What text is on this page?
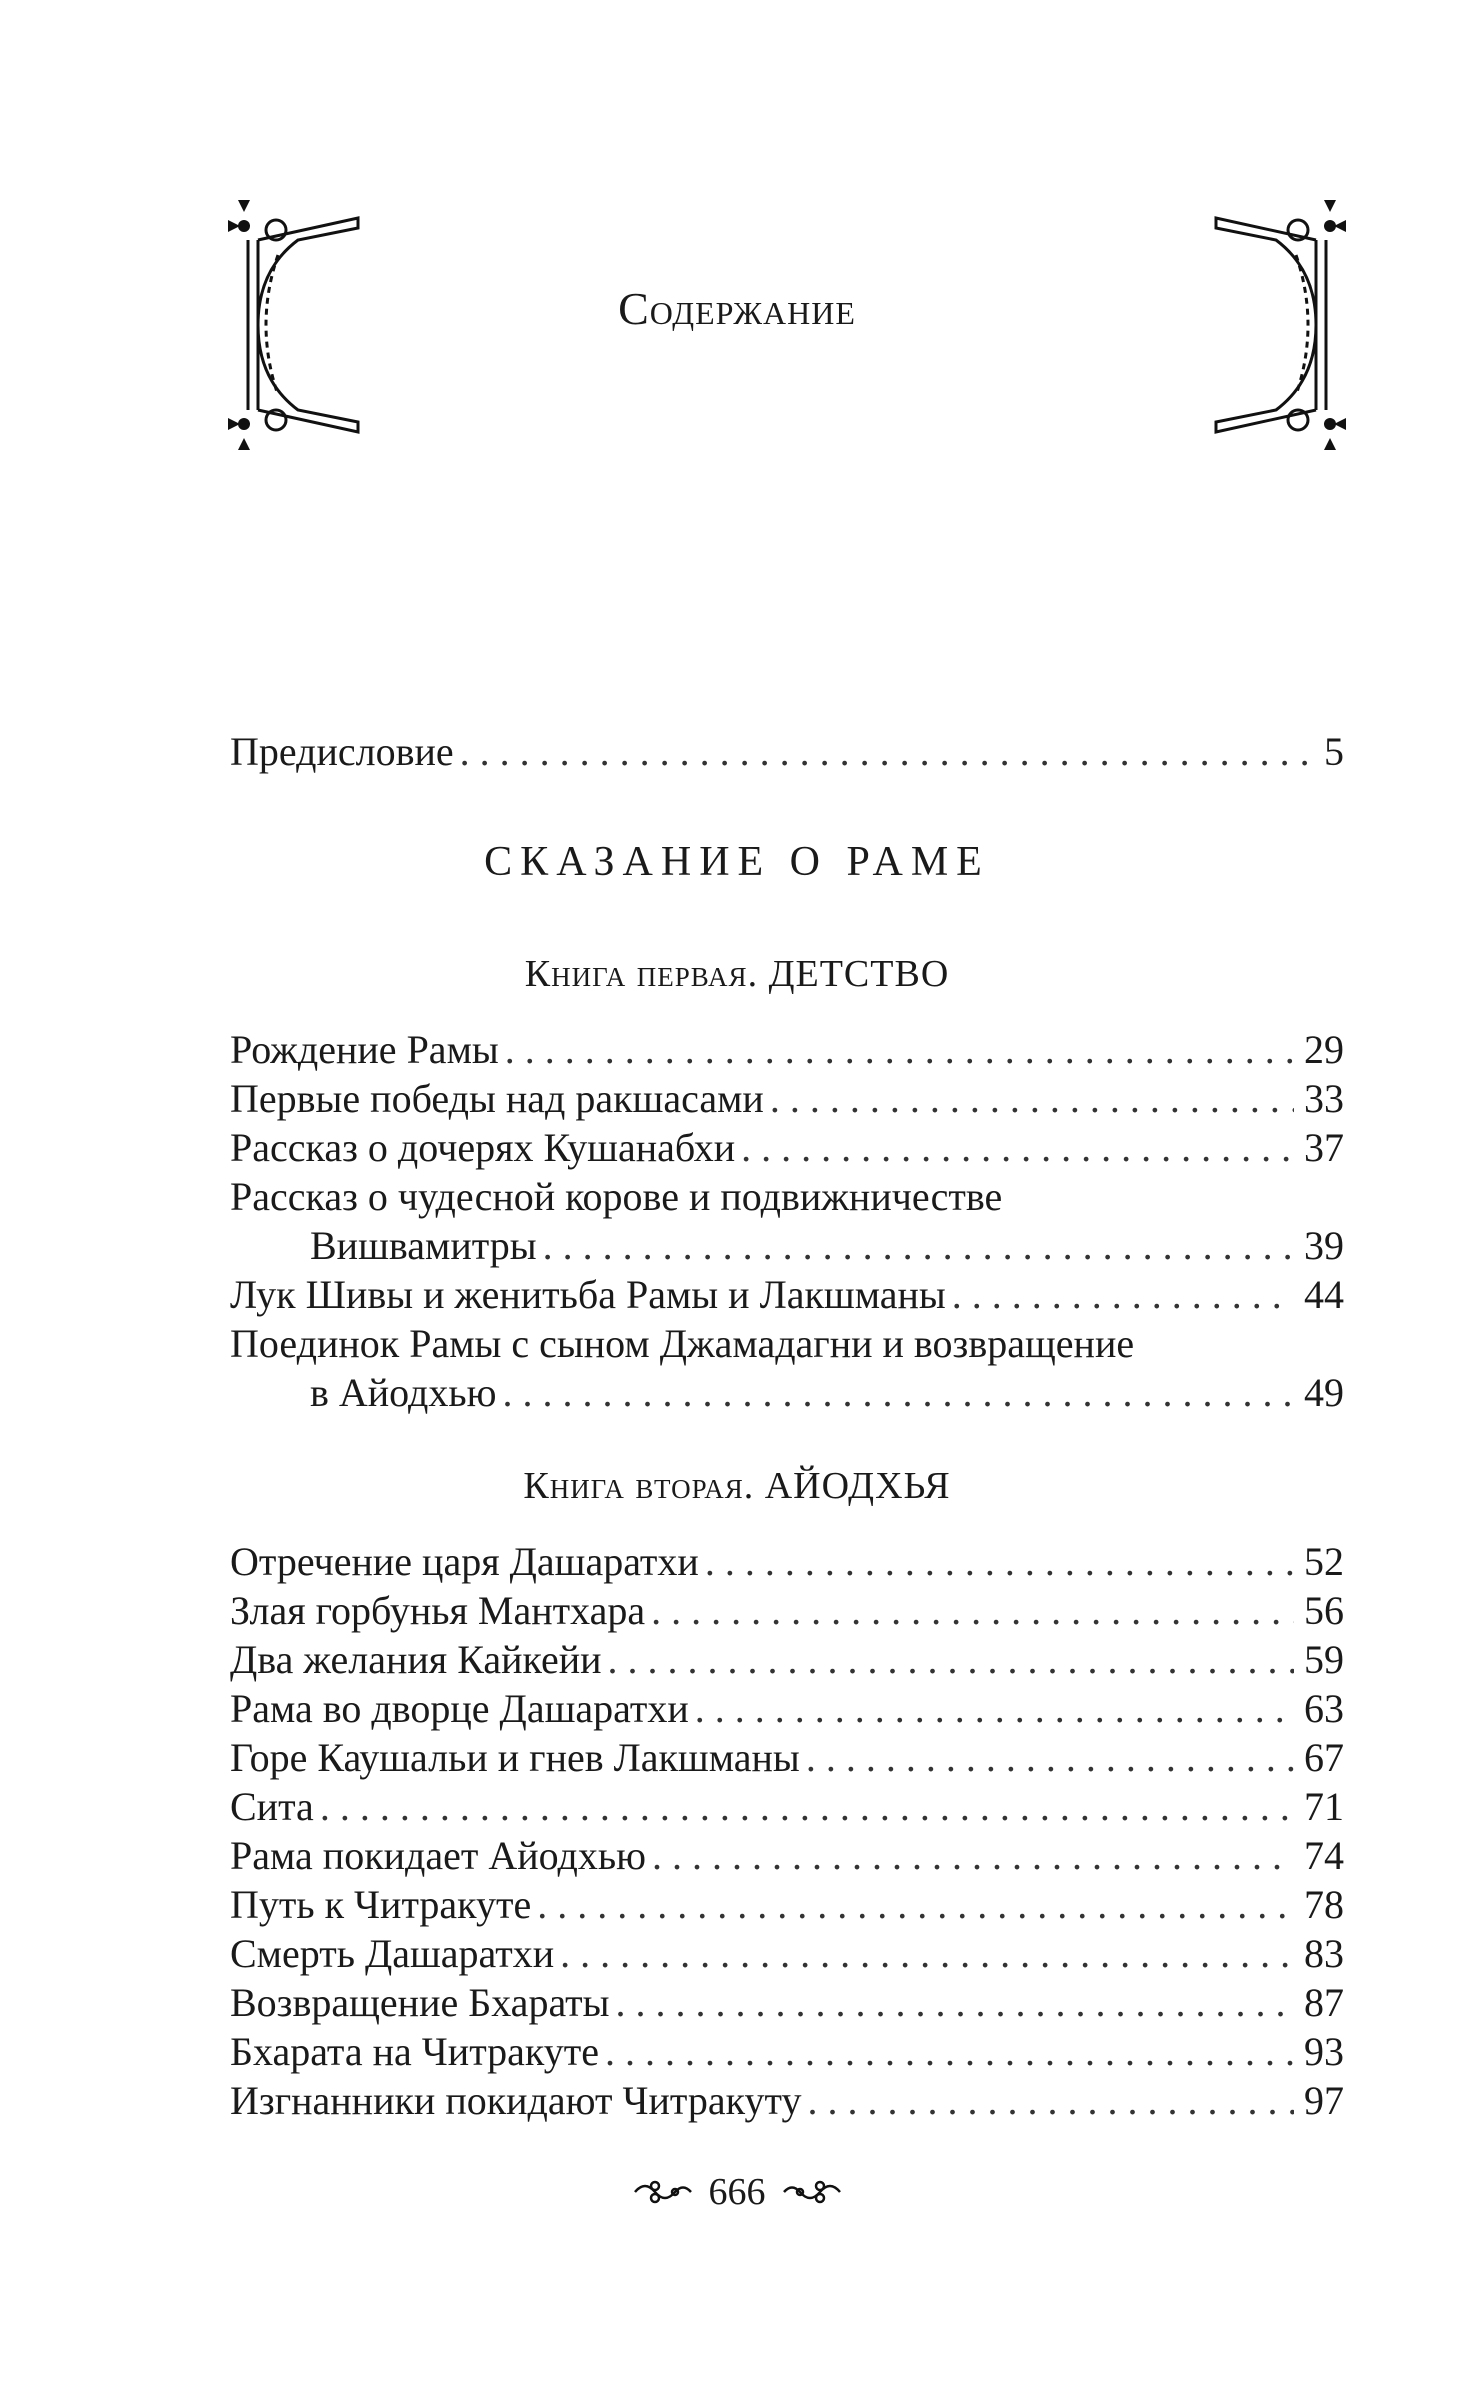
Содержание
Предисловие . . .	5
СКАЗАНИЕ О РАМЕ
Книга первая. ДЕТСТВО
Рождение Рамы . . .	29
Первые победы над ракшасами . . .	33
Рассказ о дочерях Кушанабхи . . .	37
Рассказ о чудесной корове и подвижничестве
Вишвамитры . . .	39
Лук Шивы и женитьба Рамы и Лакшманы . . .	44
Поединок Рамы с сыном Джамадагни и возвращение
в Айодхью . . .	49
Книга вторая. АЙОДХЬЯ
Отречение царя Дашаратхи . . .	52
Злая горбунья Мантхара . . .	56
Два желания Кайкейи . . .	59
Рама во дворце Дашаратхи . . .	63
Горе Каушальи и гнев Лакшманы . . .	67
Сита . . .	71
Рама покидает Айодхью . . .	74
Путь к Читракуте . . .	78
Смерть Дашаратхи . . .	83
Возвращение Бхараты . . .	87
Бхарата на Читракуте . . .	93
Изгнанники покидают Читракуту . . .	97
666
